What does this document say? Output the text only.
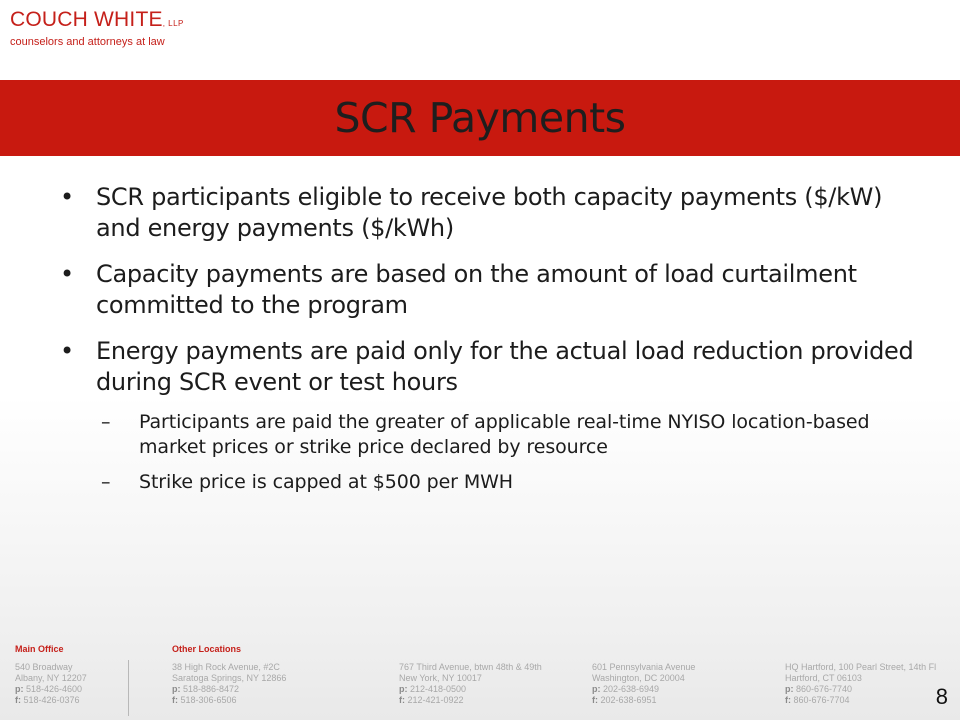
COUCH WHITE, LLP
counselors and attorneys at law
SCR Payments
• SCR participants eligible to receive both capacity payments ($/kW) and energy payments ($/kWh)
• Capacity payments are based on the amount of load curtailment committed to the program
• Energy payments are paid only for the actual load reduction provided during SCR event or test hours
– Participants are paid the greater of applicable real-time NYISO location-based market prices or strike price declared by resource
– Strike price is capped at $500 per MWH
Main Office	Other Locations
540 Broadway
Albany, NY 12207
p: 518-426-4600
f: 518-426-0376
38 High Rock Avenue, #2C
Saratoga Springs, NY 12866
p: 518-886-8472
f: 518-306-6506
767 Third Avenue, btwn 48th & 49th
New York, NY 10017
p: 212-418-0500
f: 212-421-0922
601 Pennsylvania Avenue
Washington, DC 20004
p: 202-638-6949
f: 202-638-6951
HQ Hartford, 100 Pearl Street, 14th Fl
Hartford, CT 06103
p: 860-676-7740
f: 860-676-7704	8
